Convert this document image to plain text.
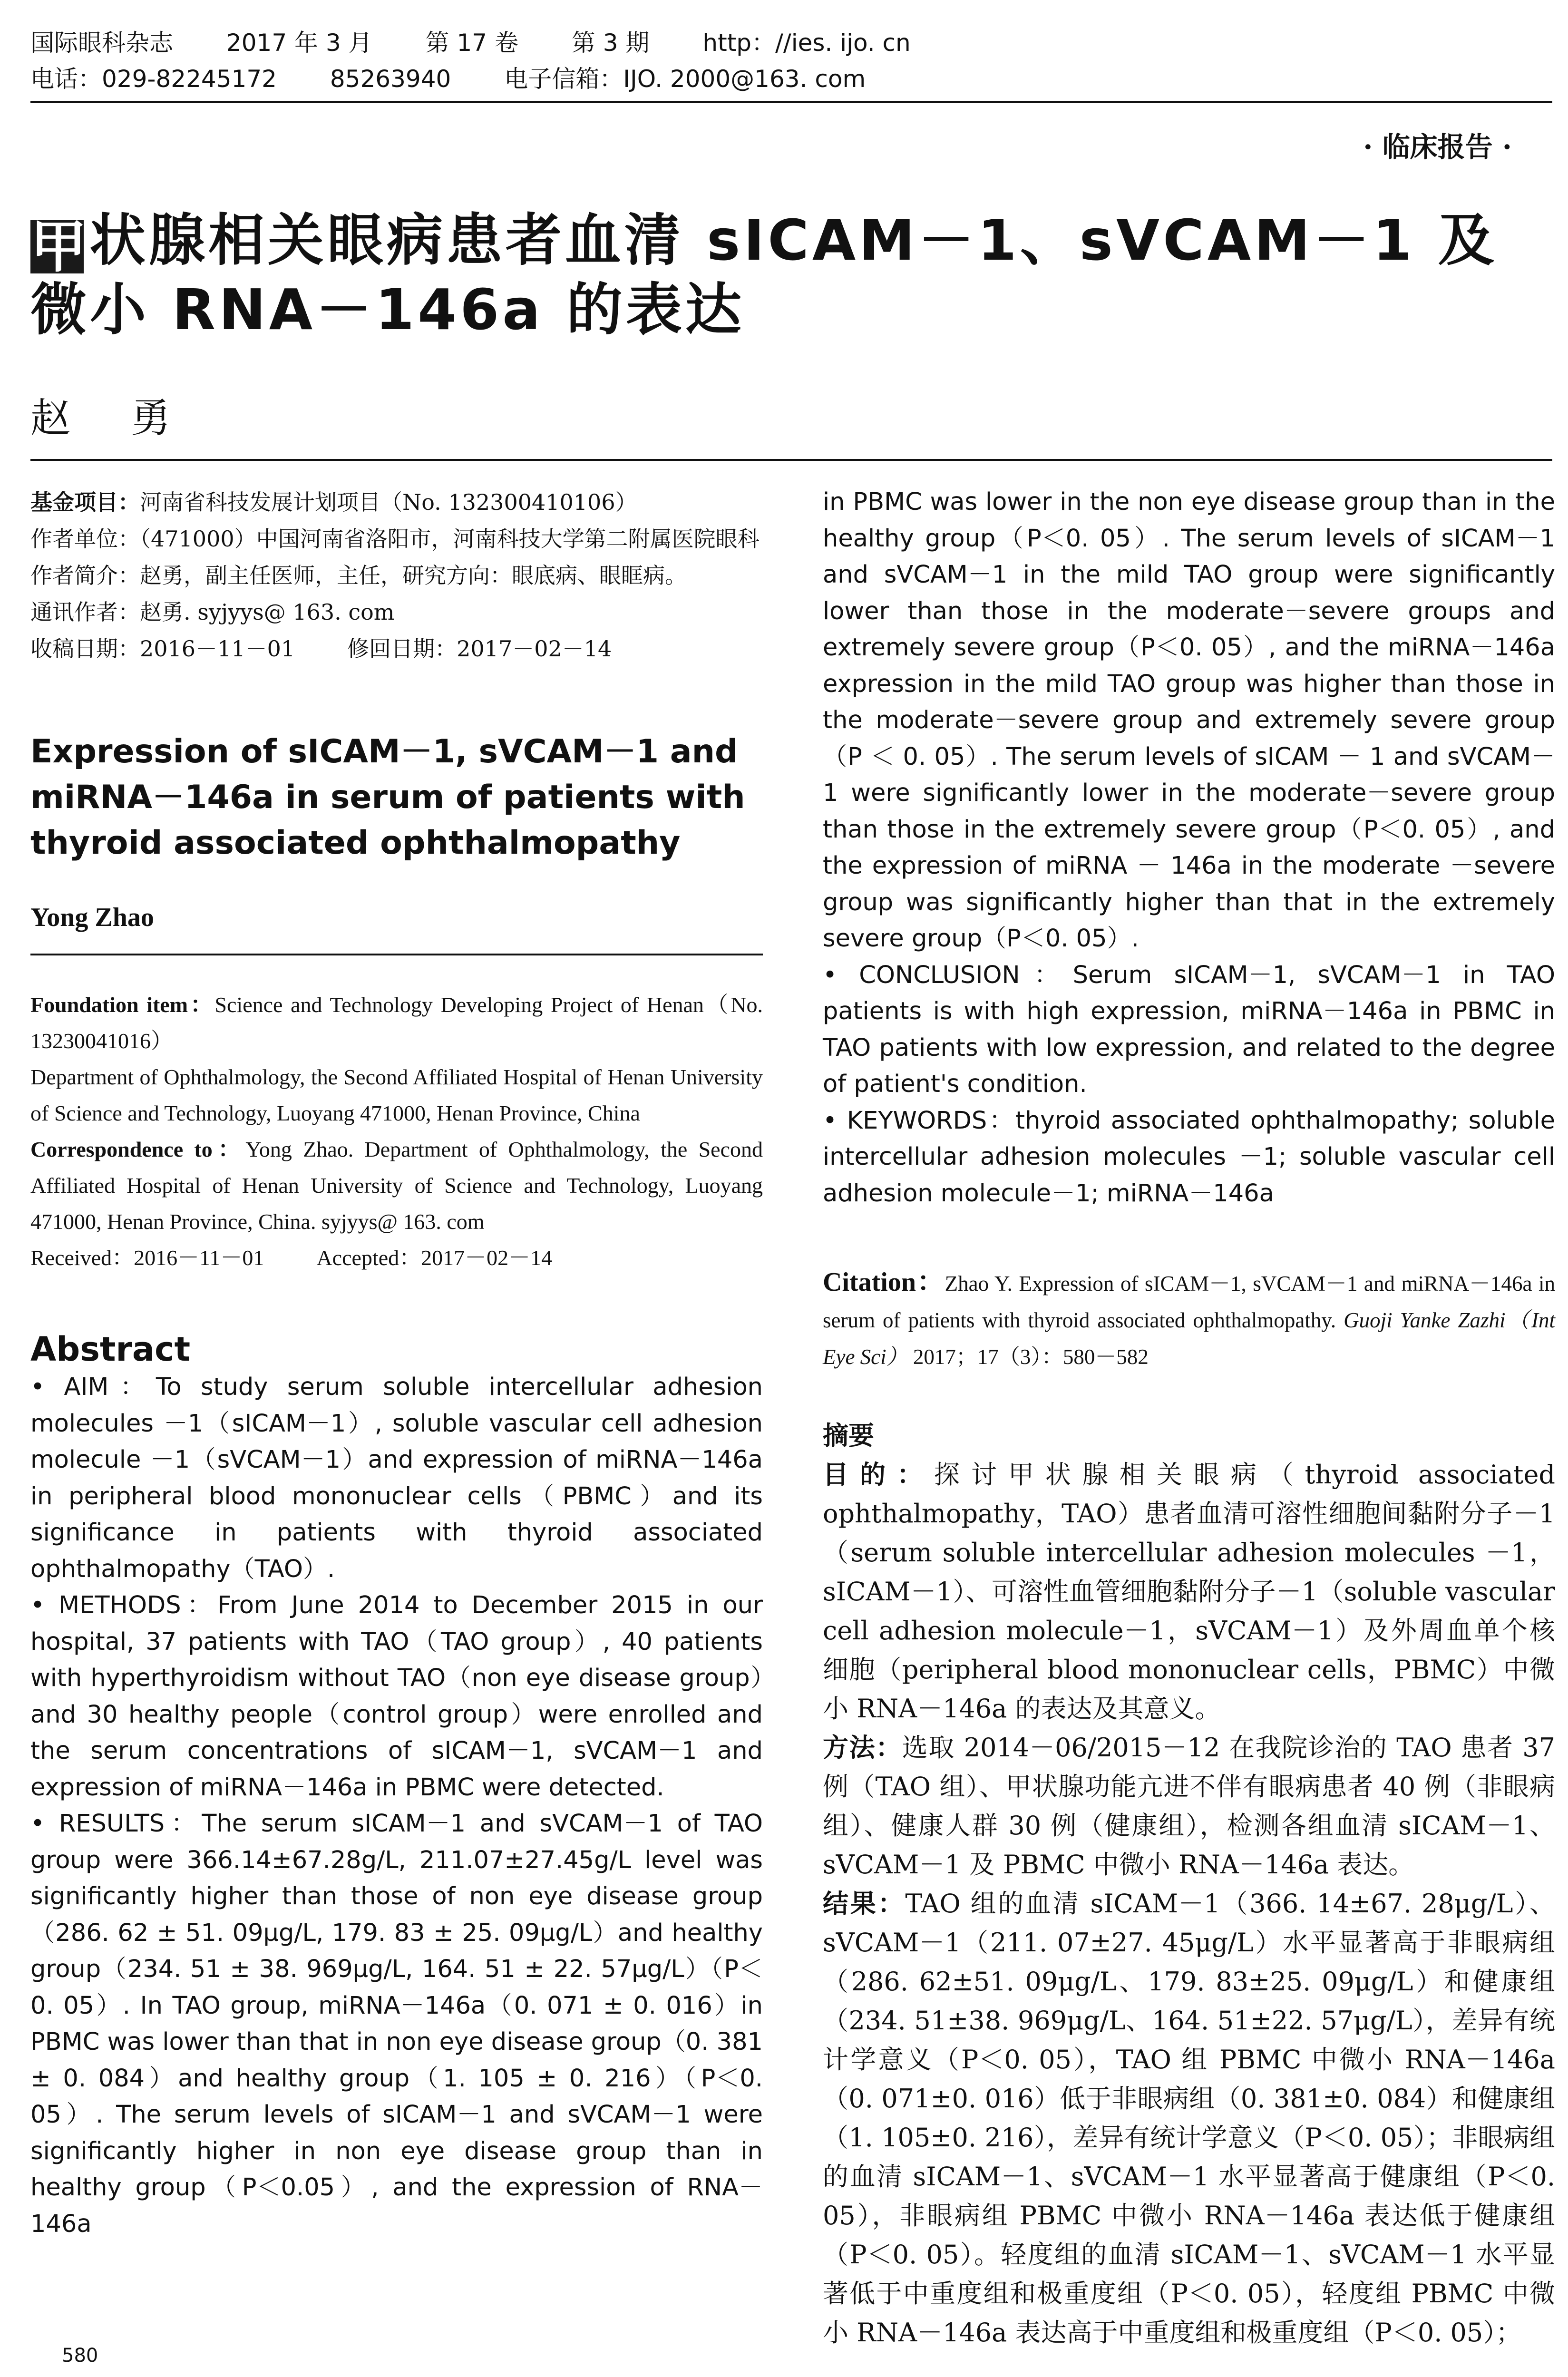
国际眼科杂志 2017 年 3 月 第 17 卷 第 3 期 http：//ies. ijo. cn
电话：029-82245172 85263940 电子信箱：IJO. 2000@163. com
· 临床报告 ·
甲状腺相关眼病患者血清 sICAM－1、sVCAM－1 及微小 RNA－146a 的表达
赵 勇

基金项目：河南省科技发展计划项目（No. 132300410106）

作者单位：（471000）中国河南省洛阳市，河南科技大学第二附属医院眼科

作者简介：赵勇，副主任医师，主任，研究方向：眼底病、眼眶病。

通讯作者：赵勇. syjyys@ 163. com

收稿日期：2016－11－01 修回日期：2017－02－14

Expression of sICAM－1, sVCAM－1 and miRNA－146a in serum of patients with thyroid associated ophthalmopathy
Yong Zhao

Foundation item：Science and Technology Developing Project of Henan（No. 13230041016）

Department of Ophthalmology, the Second Affiliated Hospital of Henan University of Science and Technology, Luoyang 471000, Henan Province, China

Correspondence to：Yong Zhao. Department of Ophthalmology, the Second Affiliated Hospital of Henan University of Science and Technology, Luoyang 471000, Henan Province, China. syjyys@ 163. com

Received：2016－11－01 Accepted：2017－02－14

Abstract

• AIM：To study serum soluble intercellular adhesion molecules －1（sICAM－1）, soluble vascular cell adhesion molecule －1（sVCAM－1）and expression of miRNA－146a in peripheral blood mononuclear cells（PBMC）and its significance in patients with thyroid associated ophthalmopathy（TAO）.

• METHODS：From June 2014 to December 2015 in our hospital, 37 patients with TAO（TAO group）, 40 patients with hyperthyroidism without TAO（non eye disease group）and 30 healthy people（control group）were enrolled and the serum concentrations of sICAM－1, sVCAM－1 and expression of miRNA－146a in PBMC were detected.

• RESULTS：The serum sICAM－1 and sVCAM－1 of TAO group were 366.14±67.28g/L, 211.07±27.45g/L level was significantly higher than those of non eye disease group（286. 62 ± 51. 09μg/L, 179. 83 ± 25. 09μg/L）and healthy group（234. 51 ± 38. 969μg/L, 164. 51 ± 22. 57μg/L）（P＜0. 05）. In TAO group, miRNA－146a（0. 071 ± 0. 016）in PBMC was lower than that in non eye disease group（0. 381 ± 0. 084）and healthy group（1. 105 ± 0. 216）（P＜0. 05）. The serum levels of sICAM－1 and sVCAM－1 were significantly higher in non eye disease group than in healthy group（P＜0.05）, and the expression of RNA－146a

in PBMC was lower in the non eye disease group than in the healthy group（P＜0. 05）. The serum levels of sICAM－1 and sVCAM－1 in the mild TAO group were significantly lower than those in the moderate－severe groups and extremely severe group（P＜0. 05）, and the miRNA－146a expression in the mild TAO group was higher than those in the moderate－severe group and extremely severe group（P ＜ 0. 05）. The serum levels of sICAM － 1 and sVCAM－1 were significantly lower in the moderate－severe group than those in the extremely severe group（P＜0. 05）, and the expression of miRNA － 146a in the moderate －severe group was significantly higher than that in the extremely severe group（P＜0. 05）.

• CONCLUSION：Serum sICAM－1, sVCAM－1 in TAO patients is with high expression, miRNA－146a in PBMC in TAO patients with low expression, and related to the degree of patient's condition.

• KEYWORDS：thyroid associated ophthalmopathy; soluble intercellular adhesion molecules －1; soluble vascular cell adhesion molecule－1; miRNA－146a

Citation：Zhao Y. Expression of sICAM－1, sVCAM－1 and miRNA－146a in serum of patients with thyroid associated ophthalmopathy. Guoji Yanke Zazhi（Int Eye Sci） 2017；17（3）：580－582

摘要

目的：探讨甲状腺相关眼病（thyroid associated ophthalmopathy，TAO）患者血清可溶性细胞间黏附分子－1（serum soluble intercellular adhesion molecules －1，sICAM－1）、可溶性血管细胞黏附分子－1（soluble vascular cell adhesion molecule－1，sVCAM－1）及外周血单个核细胞（peripheral blood mononuclear cells，PBMC）中微小 RNA－146a 的表达及其意义。

方法：选取 2014－06/2015－12 在我院诊治的 TAO 患者 37 例（TAO 组）、甲状腺功能亢进不伴有眼病患者 40 例（非眼病组）、健康人群 30 例（健康组），检测各组血清 sICAM－1、sVCAM－1 及 PBMC 中微小 RNA－146a 表达。

结果：TAO 组的血清 sICAM－1（366. 14±67. 28μg/L）、sVCAM－1（211. 07±27. 45μg/L）水平显著高于非眼病组（286. 62±51. 09μg/L、179. 83±25. 09μg/L）和健康组（234. 51±38. 969μg/L、164. 51±22. 57μg/L），差异有统计学意义（P＜0. 05），TAO 组 PBMC 中微小 RNA－146a（0. 071±0. 016）低于非眼病组（0. 381±0. 084）和健康组（1. 105±0. 216），差异有统计学意义（P＜0. 05）；非眼病组的血清 sICAM－1、sVCAM－1 水平显著高于健康组（P＜0. 05），非眼病组 PBMC 中微小 RNA－146a 表达低于健康组（P＜0. 05）。轻度组的血清 sICAM－1、sVCAM－1 水平显著低于中重度组和极重度组（P＜0. 05），轻度组 PBMC 中微小 RNA－146a 表达高于中重度组和极重度组（P＜0. 05）；

580
